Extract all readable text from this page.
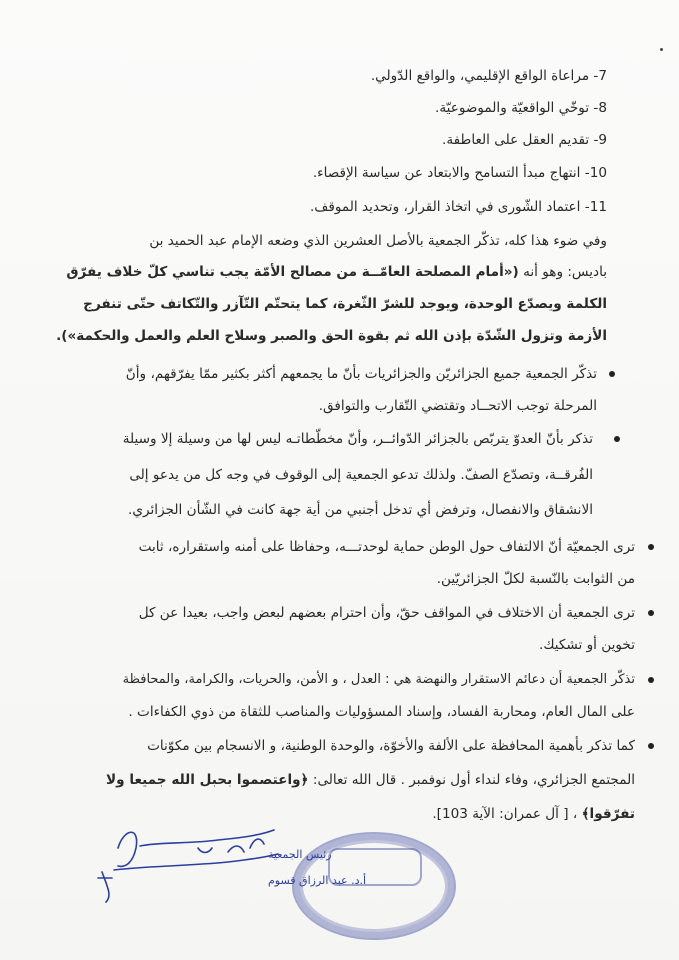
7- مراعاة الواقع الإقليمي، والواقع الدّولي.
8- توخّي الواقعيّة والموضوعيّة.
9- تقديم العقل على العاطفة.
10- انتهاج مبدأ التسامح والابتعاد عن سياسة الإقصاء.
11- اعتماد الشّورى في اتخاذ القرار، وتحديد الموقف.
وفي ضوء هذا كله، تذكّر الجمعية بالأصل العشرين الذي وضعه الإمام عبد الحميد بن
باديس: وهو أنه («أمام المصلحة العامّــة من مصالح الأمّة يجب تناسي كلّ خلاف يفرّق
الكلمة ويصدّع الوحدة، ويوجد للشرّ الثّغرة، كما يتحتّم التّآزر والتّكاتف حتّى تنفرج
الأزمة وتزول الشّدّة بإذن الله ثم بقوة الحق والصبر وسلاح العلم والعمل والحكمة»).
تذكّر الجمعية جميع الجزائريّن والجزائريات بأنّ ما يجمعهم أكثر بكثير ممّا يفرّقهم، وأنّ
المرحلة توجب الاتحــاد وتقتضي التّقارب والتوافق.
تذكر بأنّ العدوّ يتربّص بالجزائر الدّوائــر، وأنّ مخطّطاتـه ليس لها من وسيلة إلا وسيلة
الفُرقــة، وتصدّع الصفّ. ولذلك تدعو الجمعية إلى الوقوف في وجه كل من يدعو إلى
الانشقاق والانفصال، وترفض أي تدخل أجنبي من أية جهة كانت في الشّأن الجزائري.
ترى الجمعيّة أنّ الالتفاف حول الوطن حماية لوحدتـــه، وحفاظا على أمنه واستقراره، ثابت
من الثوابت بالنّسبة لكلّ الجزائريّين.
ترى الجمعية أن الاختلاف في المواقف حقّ، وأن احترام بعضهم لبعض واجب، بعيدا عن كل
تخوين أو تشكيك.
تذكّر الجمعية أن دعائم الاستقرار والنهضة هي : العدل ، و الأمن، والحريات، والكرامة، والمحافظة
على المال العام، ومحاربة الفساد، وإسناد المسؤوليات والمناصب للثقاة من ذوي الكفاءات .
كما تذكر بأهمية المحافظة على الألفة والأخوّة، والوحدة الوطنية، و الانسجام بين مكوّنات
المجتمع الجزائري، وفاء لنداء أول نوفمبر . قال الله تعالى: ﴿واعتصموا بحبل الله جميعا ولا
تفرّقوا﴾ ، [ آل عمران: الآية 103].
رئيس الجمعية
أ.د. عبد الرزاق قسوم
